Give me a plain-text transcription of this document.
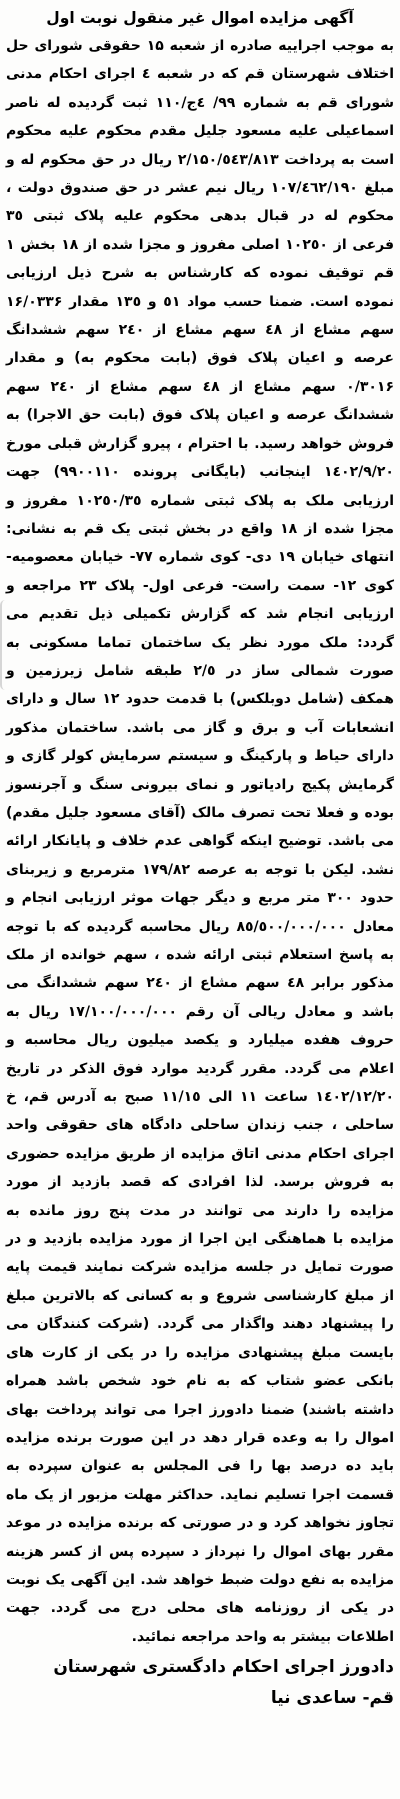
آگهی مزایده اموال غیر منقول نوبت اول

به موجب اجراییه صادره از شعبه ۱۵ حقوقی شورای حل اختلاف شهرستان قم که در شعبه ٤ اجرای احکام مدنی شورای قم به شماره ۹۹/ ٤ج/۱۱۰ ثبت گردیده له ناصر اسماعیلی علیه مسعود جلیل مقدم محکوم علیه محکوم است به پرداخت ۲/۱۵۰/٥٤۳/۸۱۳ ریال در حق محکوم له و مبلغ ۱۰۷/٤٦۲/۱۹۰ ریال نیم عشر در حق صندوق دولت ، محکوم له در قبال بدهی محکوم علیه پلاک ثبتی ۳٥ فرعی از ۱۰۲٥۰ اصلی مفروز و مجزا شده از ۱۸ بخش ۱ قم توقیف نموده که کارشناس به شرح ذیل ارزیابی نموده است. ضمنا حسب مواد ٥۱ و ۱۳٥ مقدار ۱۶/۰۳۳۶ سهم مشاع از ٤۸ سهم مشاع از ۲٤۰ سهم ششدانگ عرصه و اعیان پلاک فوق (بابت محکوم به) و مقدار ۰/۳۰۱۶ سهم مشاع از ٤۸ سهم مشاع از ۲٤۰ سهم ششدانگ عرصه و اعیان پلاک فوق (بابت حق الاجرا) به فروش خواهد رسید. با احترام ، پیرو گزارش قبلی مورخ ۱٤۰۲/۹/۲۰ اینجانب (بایگانی پرونده ۹۹۰۰۱۱۰) جهت ارزیابی ملک به پلاک ثبتی شماره ۱۰۲٥۰/۳٥ مفروز و مجزا شده از ۱۸ واقع در بخش ثبتی یک قم به نشانی: انتهای خیابان ۱۹ دی- کوی شماره ۷۷- خیابان معصومیه- کوی ۱۲- سمت راست- فرعی اول- پلاک ۲۳ مراجعه و ارزیابی انجام شد که گزارش تکمیلی ذیل تقدیم می گردد: ملک مورد نظر یک ساختمان تماما مسکونی به صورت شمالی ساز در ۲/٥ طبقه شامل زیرزمین و همکف (شامل دوبلکس) با قدمت حدود ۱۲ سال و دارای انشعابات آب و برق و گاز می باشد. ساختمان مذکور دارای حیاط و پارکینگ و سیستم سرمایش کولر گازی و گرمایش پکیج رادیاتور و نمای بیرونی سنگ و آجرنسوز بوده و فعلا تحت تصرف مالک (آقای مسعود جلیل مقدم) می باشد. توضیح اینکه گواهی عدم خلاف و پایانکار ارائه نشد. لیکن با توجه به عرصه ۱۷۹/۸۲ مترمربع و زیربنای حدود ۳۰۰ متر مربع و دیگر جهات موثر ارزیابی انجام و معادل ۸٥/٥۰۰/۰۰۰/۰۰۰ ریال محاسبه گردیده که با توجه به پاسخ استعلام ثبتی ارائه شده ، سهم خوانده از ملک مذکور برابر ٤۸ سهم مشاع از ۲٤۰ سهم ششدانگ می باشد و معادل ریالی آن رقم ۱۷/۱۰۰/۰۰۰/۰۰۰ ریال به حروف هفده میلیارد و یکصد میلیون ریال محاسبه و اعلام می گردد. مقرر گردید موارد فوق الذکر در تاریخ ۱٤۰۲/۱۲/۲۰ ساعت ۱۱ الی ۱۱/۱٥ صبح به آدرس قم، خ ساحلی ، جنب زندان ساحلی دادگاه های حقوقی واحد اجرای احکام مدنی اتاق مزایده از طریق مزایده حضوری به فروش برسد. لذا افرادی که قصد بازدید از مورد مزایده را دارند می توانند در مدت پنج روز مانده به مزایده با هماهنگی این اجرا از مورد مزایده بازدید و در صورت تمایل در جلسه مزایده شرکت نمایند قیمت پایه از مبلغ کارشناسی شروع و به کسانی که بالاترین مبلغ را پیشنهاد دهند واگذار می گردد. (شرکت کنندگان می بایست مبلغ پیشنهادی مزایده را در یکی از کارت های بانکی عضو شتاب که به نام خود شخص باشد همراه داشته باشند) ضمنا دادورز اجرا می تواند پرداخت بهای اموال را به وعده قرار دهد در این صورت برنده مزایده باید ده درصد بها را فی المجلس به عنوان سپرده به قسمت اجرا تسلیم نماید. حداکثر مهلت مزبور از یک ماه تجاوز نخواهد کرد و در صورتی که برنده مزایده در موعد مقرر بهای اموال را نپرداز د سپرده پس از کسر هزینه مزایده به نفع دولت ضبط خواهد شد. این آگهی یک نوبت در یکی از روزنامه های محلی درج می گردد. جهت اطلاعات بیشتر به واحد مراجعه نمائید.

دادورز اجرای احکام دادگستری شهرستان

قم- ساعدی نیا
